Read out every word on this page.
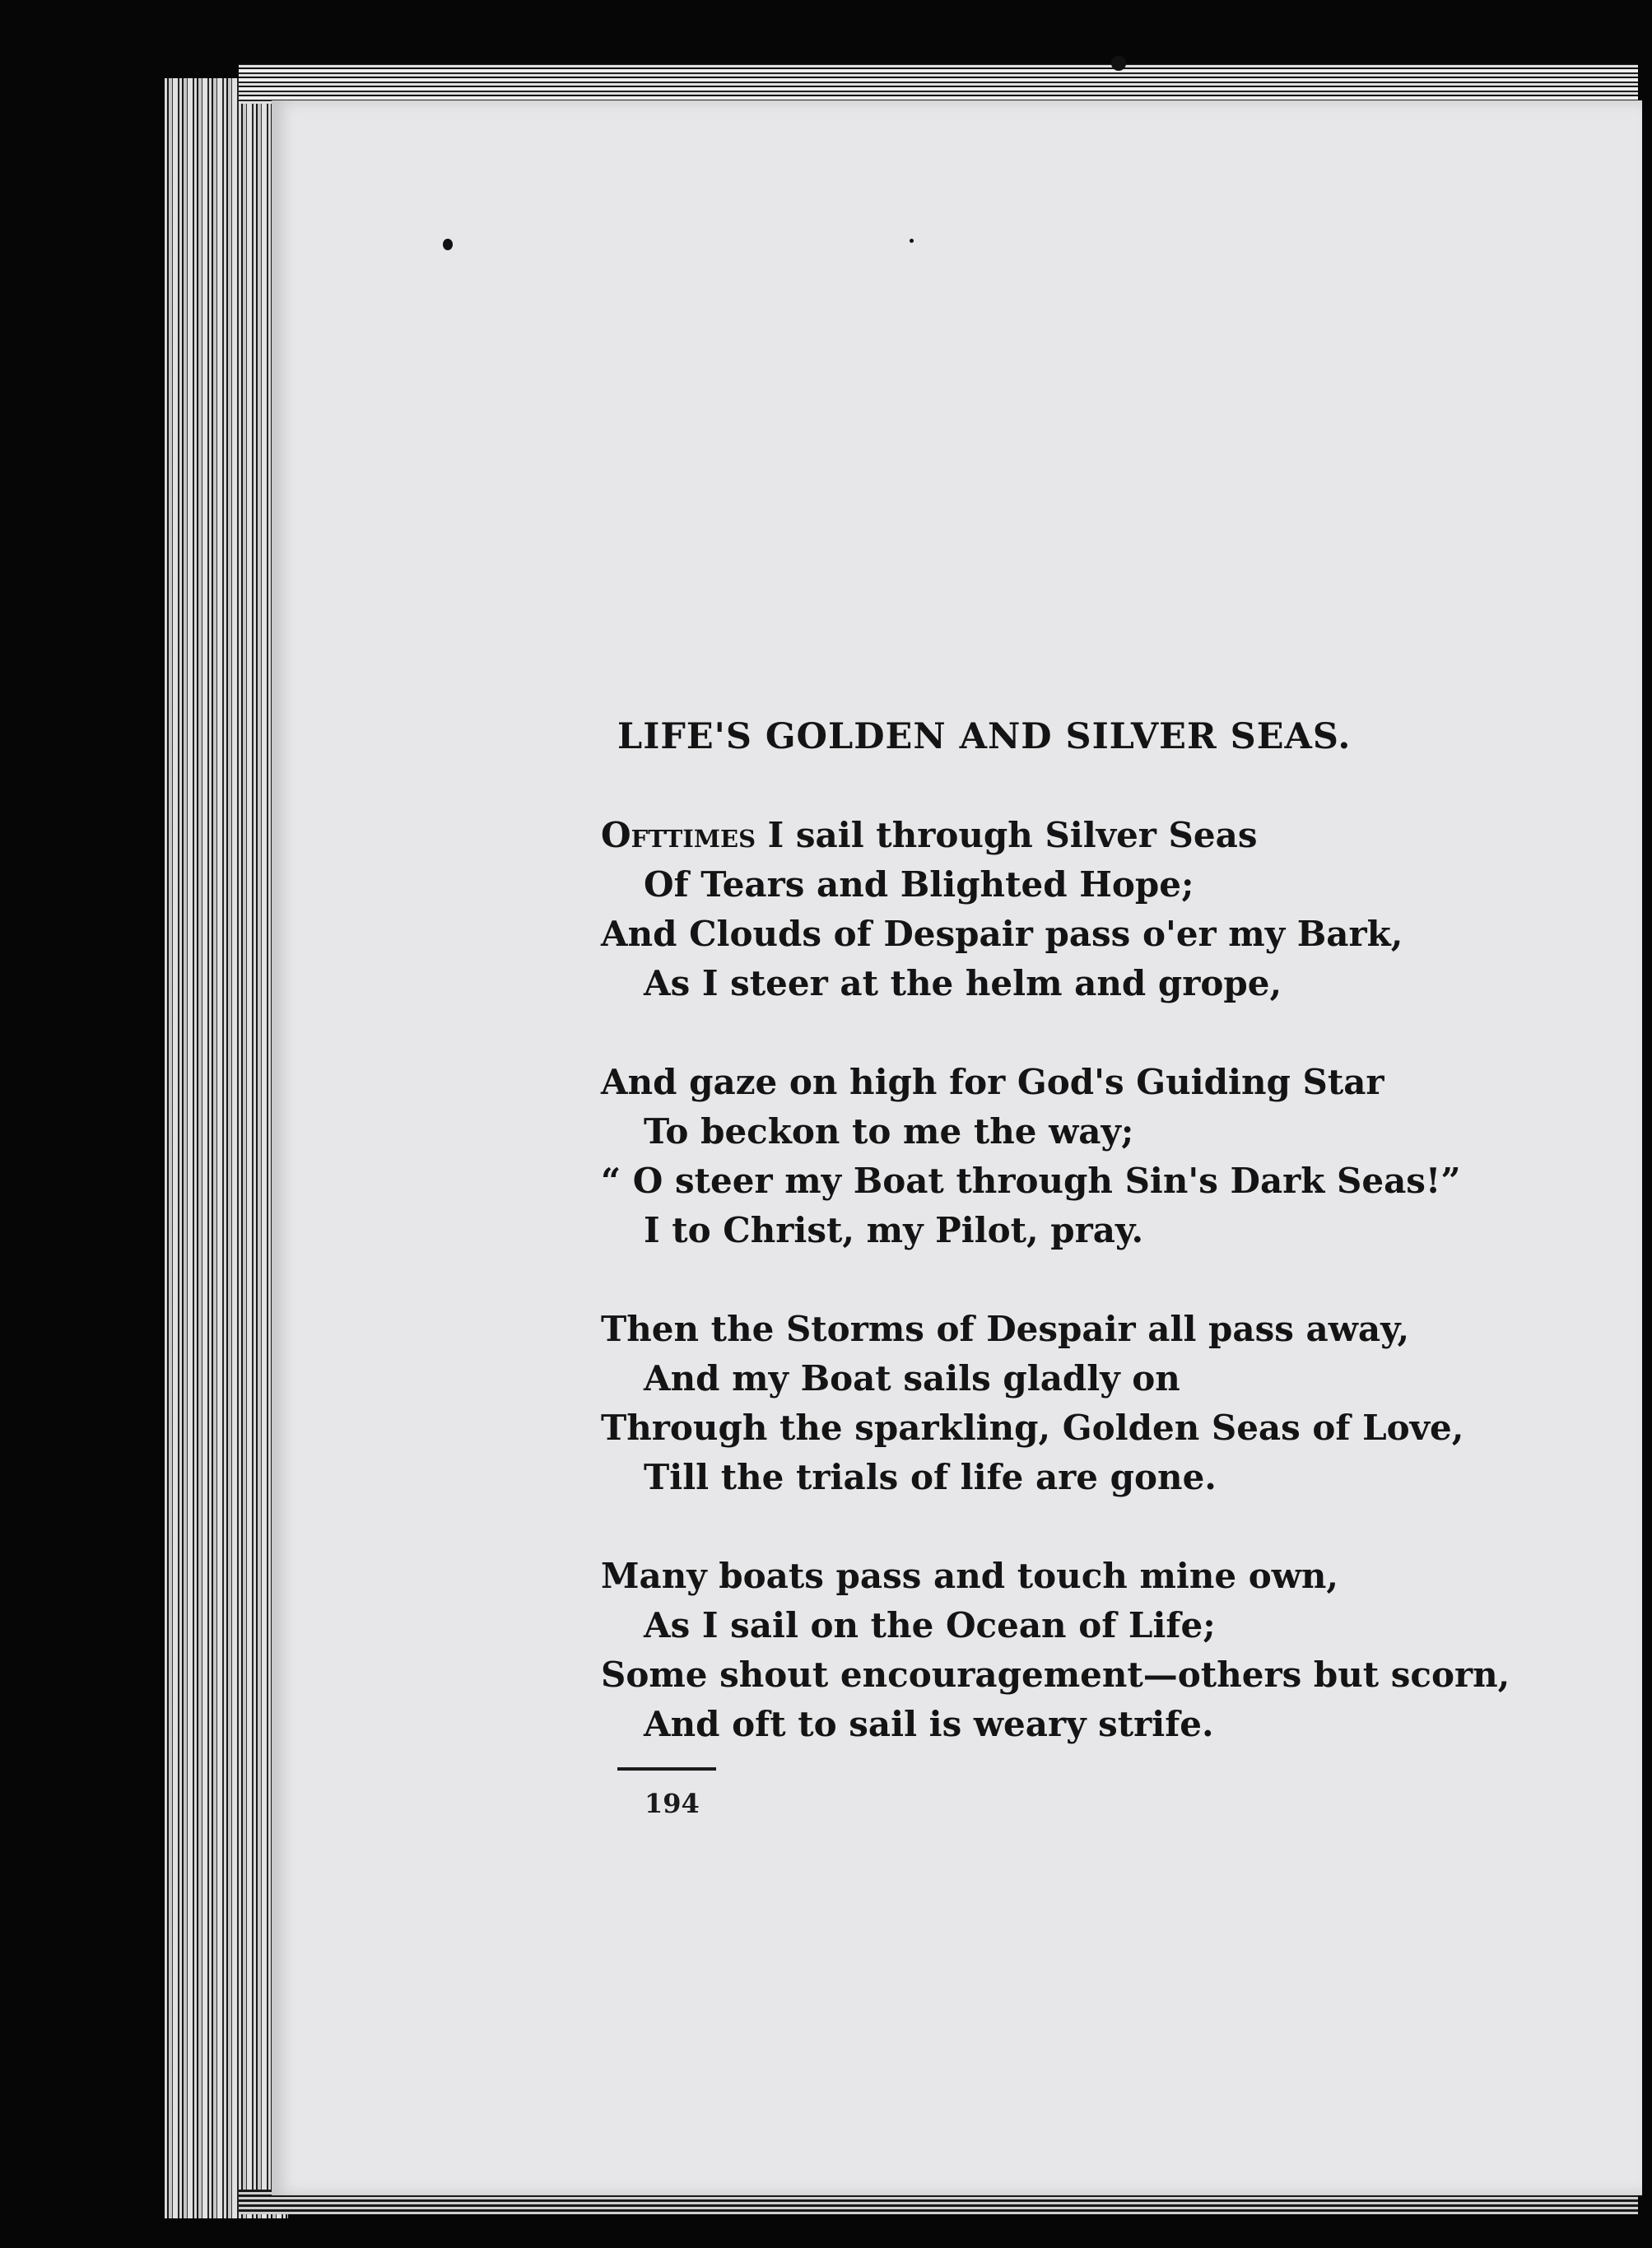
LIFE'S GOLDEN AND SILVER SEAS.
Ofttimes I sail through Silver Seas
Of Tears and Blighted Hope;
And Clouds of Despair pass o'er my Bark,
As I steer at the helm and grope,
And gaze on high for God's Guiding Star
To beckon to me the way;
“ O steer my Boat through Sin's Dark Seas!”
I to Christ, my Pilot, pray.
Then the Storms of Despair all pass away,
And my Boat sails gladly on
Through the sparkling, Golden Seas of Love,
Till the trials of life are gone.
Many boats pass and touch mine own,
As I sail on the Ocean of Life;
Some shout encouragement—others but scorn,
And oft to sail is weary strife.
194
